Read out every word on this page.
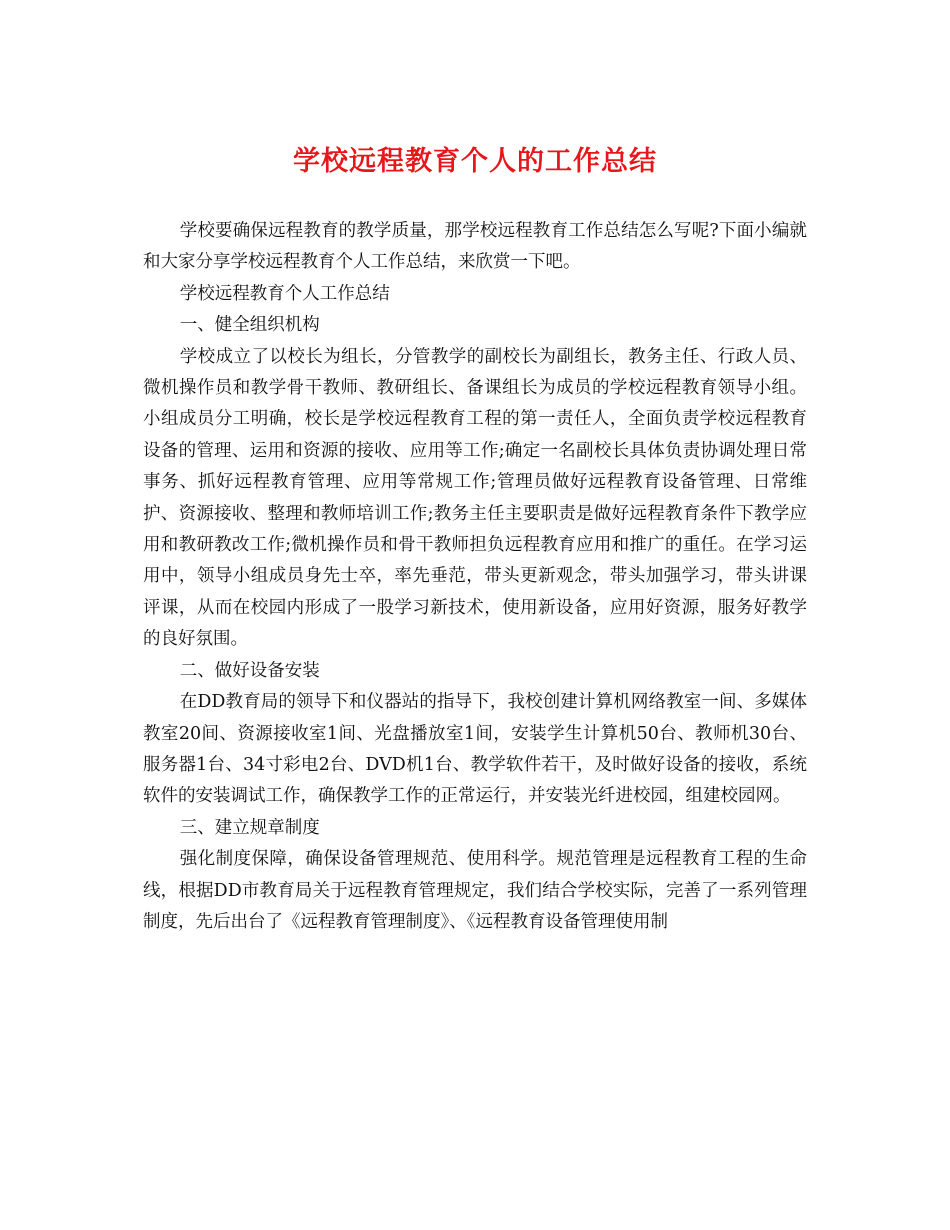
学校远程教育个人的工作总结

学校要确保远程教育的教学质量，那学校远程教育工作总结怎么写呢?下面小编就和大家分享学校远程教育个人工作总结，来欣赏一下吧。

学校远程教育个人工作总结

一、健全组织机构

学校成立了以校长为组长，分管教学的副校长为副组长，教务主任、行政人员、微机操作员和教学骨干教师、教研组长、备课组长为成员的学校远程教育领导小组。小组成员分工明确，校长是学校远程教育工程的第一责任人，全面负责学校远程教育设备的管理、运用和资源的接收、应用等工作;确定一名副校长具体负责协调处理日常事务、抓好远程教育管理、应用等常规工作;管理员做好远程教育设备管理、日常维护、资源接收、整理和教师培训工作;教务主任主要职责是做好远程教育条件下教学应用和教研教改工作;微机操作员和骨干教师担负远程教育应用和推广的重任。在学习运用中，领导小组成员身先士卒，率先垂范，带头更新观念，带头加强学习，带头讲课评课，从而在校园内形成了一股学习新技术，使用新设备，应用好资源，服务好教学的良好氛围。

二、做好设备安装

在DD教育局的领导下和仪器站的指导下，我校创建计算机网络教室一间、多媒体教室20间、资源接收室1间、光盘播放室1间，安装学生计算机50台、教师机30台、服务器1台、34寸彩电2台、DVD机1台、教学软件若干，及时做好设备的接收，系统软件的安装调试工作，确保教学工作的正常运行，并安装光纤进校园，组建校园网。

三、建立规章制度

强化制度保障，确保设备管理规范、使用科学。规范管理是远程教育工程的生命线，根据DD市教育局关于远程教育管理规定，我们结合学校实际，完善了一系列管理制度，先后出台了《远程教育管理制度》、《远程教育设备管理使用制
